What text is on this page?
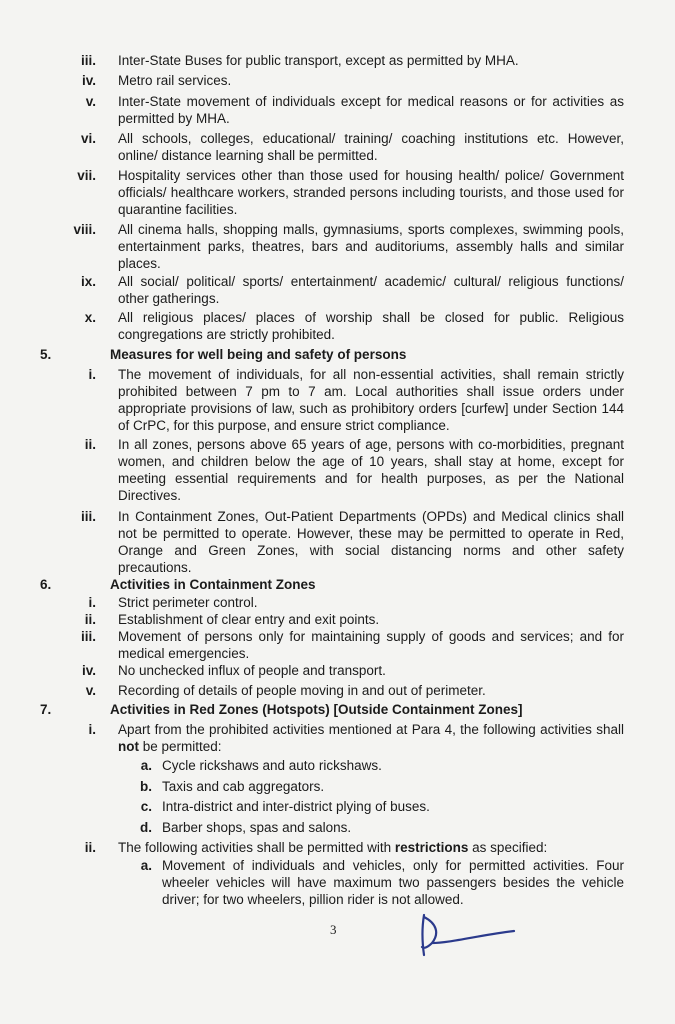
iii. Inter-State Buses for public transport, except as permitted by MHA.
iv. Metro rail services.
v. Inter-State movement of individuals except for medical reasons or for activities as permitted by MHA.
vi. All schools, colleges, educational/ training/ coaching institutions etc. However, online/ distance learning shall be permitted.
vii. Hospitality services other than those used for housing health/ police/ Government officials/ healthcare workers, stranded persons including tourists, and those used for quarantine facilities.
viii. All cinema halls, shopping malls, gymnasiums, sports complexes, swimming pools, entertainment parks, theatres, bars and auditoriums, assembly halls and similar places.
ix. All social/ political/ sports/ entertainment/ academic/ cultural/ religious functions/ other gatherings.
x. All religious places/ places of worship shall be closed for public. Religious congregations are strictly prohibited.
5.	Measures for well being and safety of persons
i. The movement of individuals, for all non-essential activities, shall remain strictly prohibited between 7 pm to 7 am. Local authorities shall issue orders under appropriate provisions of law, such as prohibitory orders [curfew] under Section 144 of CrPC, for this purpose, and ensure strict compliance.
ii. In all zones, persons above 65 years of age, persons with co-morbidities, pregnant women, and children below the age of 10 years, shall stay at home, except for meeting essential requirements and for health purposes, as per the National Directives.
iii. In Containment Zones, Out-Patient Departments (OPDs) and Medical clinics shall not be permitted to operate. However, these may be permitted to operate in Red, Orange and Green Zones, with social distancing norms and other safety precautions.
6.	Activities in Containment Zones
i. Strict perimeter control.
ii. Establishment of clear entry and exit points.
iii. Movement of persons only for maintaining supply of goods and services; and for medical emergencies.
iv. No unchecked influx of people and transport.
v. Recording of details of people moving in and out of perimeter.
7.	Activities in Red Zones (Hotspots) [Outside Containment Zones]
i. Apart from the prohibited activities mentioned at Para 4, the following activities shall not be permitted:
a. Cycle rickshaws and auto rickshaws.
b. Taxis and cab aggregators.
c. Intra-district and inter-district plying of buses.
d. Barber shops, spas and salons.
ii. The following activities shall be permitted with restrictions as specified:
a. Movement of individuals and vehicles, only for permitted activities. Four wheeler vehicles will have maximum two passengers besides the vehicle driver; for two wheelers, pillion rider is not allowed.
3
